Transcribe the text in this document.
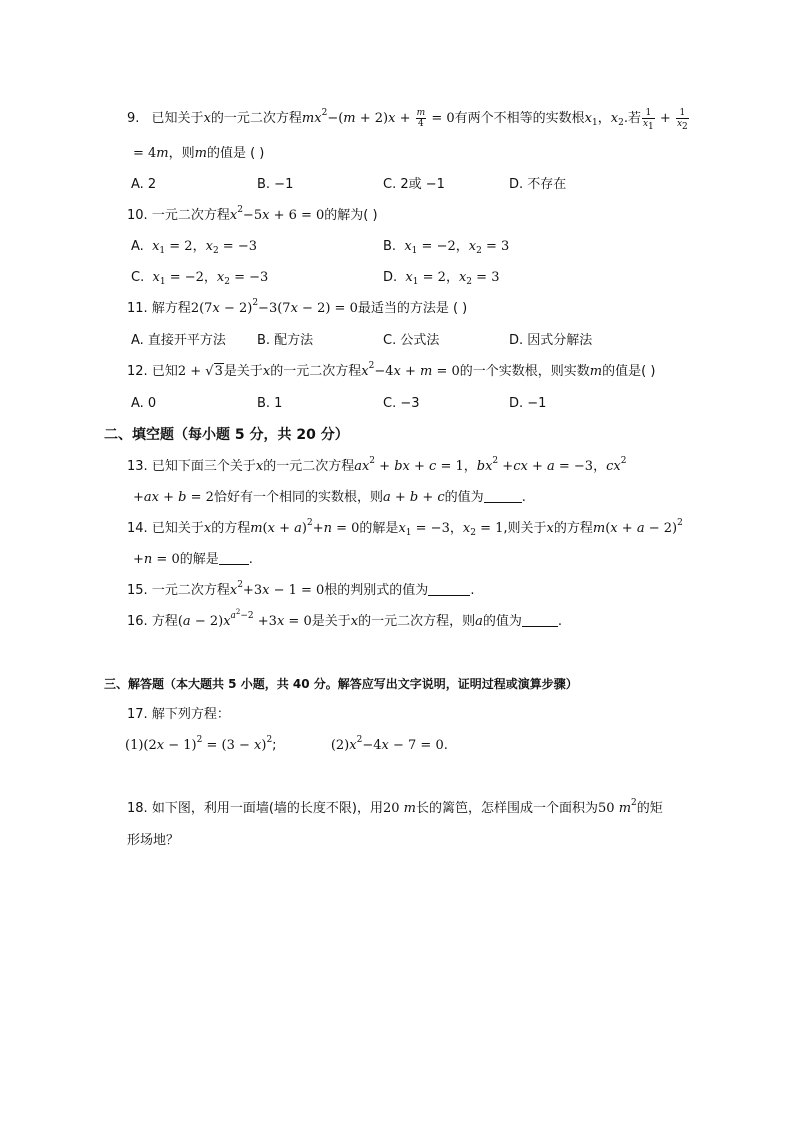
9. 已知关于x的一元二次方程$mx^2-(m + 2)x + \frac{m}{4} = 0$有两个不相等的实数根$x_1$，$x_2$.若 $\frac{1}{x_1} + \frac{1}{x_2}$
= 4m，则m的值是 ( )
A. 2	B. −1	C. 2或 −1	D. 不存在
10. 一元二次方程$x^2-5x + 6 = 0$的解为( )
A. $x_1 = 2$，$x_2 = -3$	B. $x_1 = -2$，$x_2 = 3$
C. $x_1 = -2$，$x_2 = -3$	D. $x_1 = 2$，$x_2 = 3$
11. 解方程$2(7x - 2)^2-3(7x - 2) = 0$最适当的方法是 ( )
A. 直接开平方法 B. 配方法	C. 公式法	D. 因式分解法
12. 已知2 + √3是关于x的一元二次方程$x^2-4x + m = 0$的一个实数根，则实数m的值是( )
A. 0	B. 1	C. −3	D. −1
二、填空题（每小题 5 分，共 20 分）
13. 已知下面三个关于x的一元二次方程$ax^2$ + bx + c = 1，$bx^2 +cx + a = -3$，$cx^2$
+ax + b = 2恰好有一个相同的实数根，则a + b + c的值为	.
14. 已知关于x的方程$m(x + a)^2+n = 0$的解是$x_1 = -3$，$x_2 = 1$,则关于x的方程$m(x + a - 2)^2$
+n = 0的解是 .
15. 一元二次方程$x^2+3x - 1 = 0$根的判别式的值为	.
16. 方程$(a - 2)x^{a^2-2} +3x = 0$是关于x的一元二次方程，则a的值为	.
三、解答题（本大题共 5 小题，共 40 分。解答应写出文字说明，证明过程或演算步骤）
17. 解下列方程：
$(1)(2x - 1)^2 = (3 - x)^2$;	$(2)x^2-4x - 7 = 0$.
18. 如下图，利用一面墙(墙的长度不限)，用20 m长的篱笆，怎样围成一个面积为50 $m^2$的矩
形场地？
